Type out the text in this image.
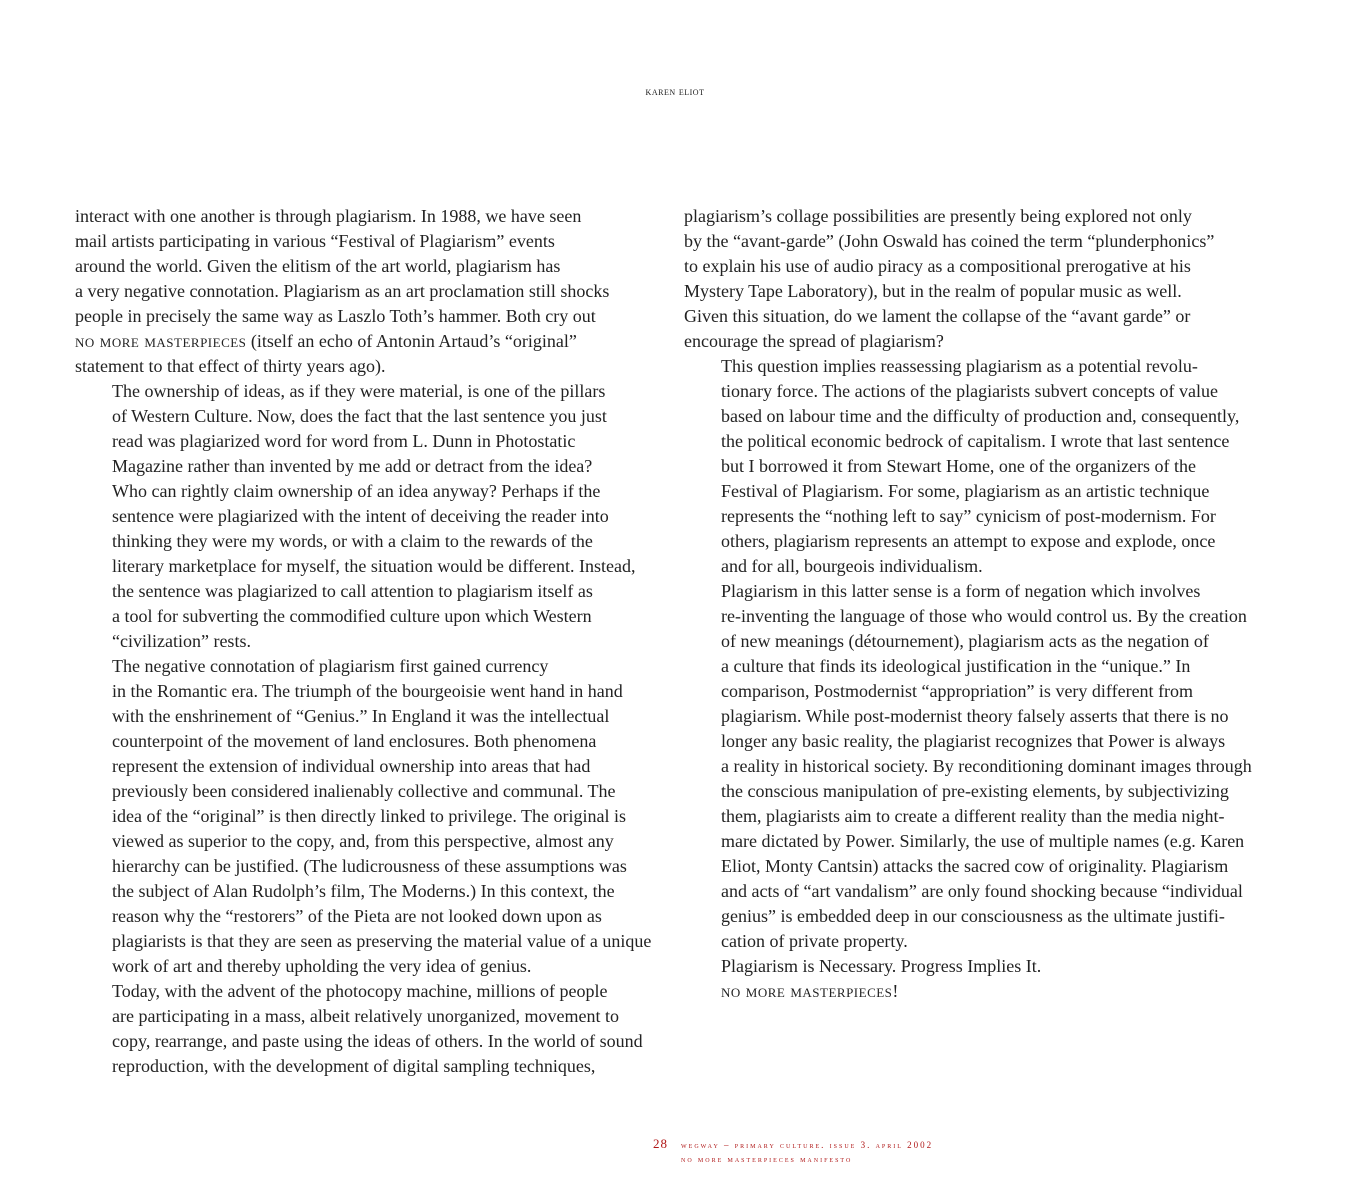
karen eliot

interact with one another is through plagiarism. In 1988, we have seen
mail artists participating in various “Festival of Plagiarism” events
around the world. Given the elitism of the art world, plagiarism has
a very negative connotation. Plagiarism as an art proclamation still shocks
people in precisely the same way as Laszlo Toth’s hammer. Both cry out
no more masterpieces (itself an echo of Antonin Artaud’s “original”
statement to that effect of thirty years ago).

The ownership of ideas, as if they were material, is one of the pillars
of Western Culture. Now, does the fact that the last sentence you just
read was plagiarized word for word from L. Dunn in Photostatic
Magazine rather than invented by me add or detract from the idea?
Who can rightly claim ownership of an idea anyway? Perhaps if the
sentence were plagiarized with the intent of deceiving the reader into
thinking they were my words, or with a claim to the rewards of the
literary marketplace for myself, the situation would be different. Instead,
the sentence was plagiarized to call attention to plagiarism itself as
a tool for subverting the commodified culture upon which Western
“civilization” rests.

The negative connotation of plagiarism first gained currency
in the Romantic era. The triumph of the bourgeoisie went hand in hand
with the enshrinement of “Genius.” In England it was the intellectual
counterpoint of the movement of land enclosures. Both phenomena
represent the extension of individual ownership into areas that had
previously been considered inalienably collective and communal. The
idea of the “original” is then directly linked to privilege. The original is
viewed as superior to the copy, and, from this perspective, almost any
hierarchy can be justified. (The ludicrousness of these assumptions was
the subject of Alan Rudolph’s film, The Moderns.) In this context, the
reason why the “restorers” of the Pieta are not looked down upon as
plagiarists is that they are seen as preserving the material value of a unique
work of art and thereby upholding the very idea of genius.

Today, with the advent of the photocopy machine, millions of people
are participating in a mass, albeit relatively unorganized, movement to
copy, rearrange, and paste using the ideas of others. In the world of sound
reproduction, with the development of digital sampling techniques,

plagiarism’s collage possibilities are presently being explored not only
by the “avant-garde” (John Oswald has coined the term “plunderphonics”
to explain his use of audio piracy as a compositional prerogative at his
Mystery Tape Laboratory), but in the realm of popular music as well.
Given this situation, do we lament the collapse of the “avant garde” or
encourage the spread of plagiarism?

This question implies reassessing plagiarism as a potential revolu-
tionary force. The actions of the plagiarists subvert concepts of value
based on labour time and the difficulty of production and, consequently,
the political economic bedrock of capitalism. I wrote that last sentence
but I borrowed it from Stewart Home, one of the organizers of the
Festival of Plagiarism. For some, plagiarism as an artistic technique
represents the “nothing left to say” cynicism of post-modernism. For
others, plagiarism represents an attempt to expose and explode, once
and for all, bourgeois individualism.

Plagiarism in this latter sense is a form of negation which involves
re-inventing the language of those who would control us. By the creation
of new meanings (détournement), plagiarism acts as the negation of
a culture that finds its ideological justification in the “unique.” In
comparison, Postmodernist “appropriation” is very different from
plagiarism. While post-modernist theory falsely asserts that there is no
longer any basic reality, the plagiarist recognizes that Power is always
a reality in historical society. By reconditioning dominant images through
the conscious manipulation of pre-existing elements, by subjectivizing
them, plagiarists aim to create a different reality than the media night-
mare dictated by Power. Similarly, the use of multiple names (e.g. Karen
Eliot, Monty Cantsin) attacks the sacred cow of originality. Plagiarism
and acts of “art vandalism” are only found shocking because “individual
genius” is embedded deep in our consciousness as the ultimate justifi-
cation of private property.

Plagiarism is Necessary. Progress Implies It.
no more masterpieces!

28 wegway – primary culture. issue 3. april 2002
no more masterpieces manifesto
